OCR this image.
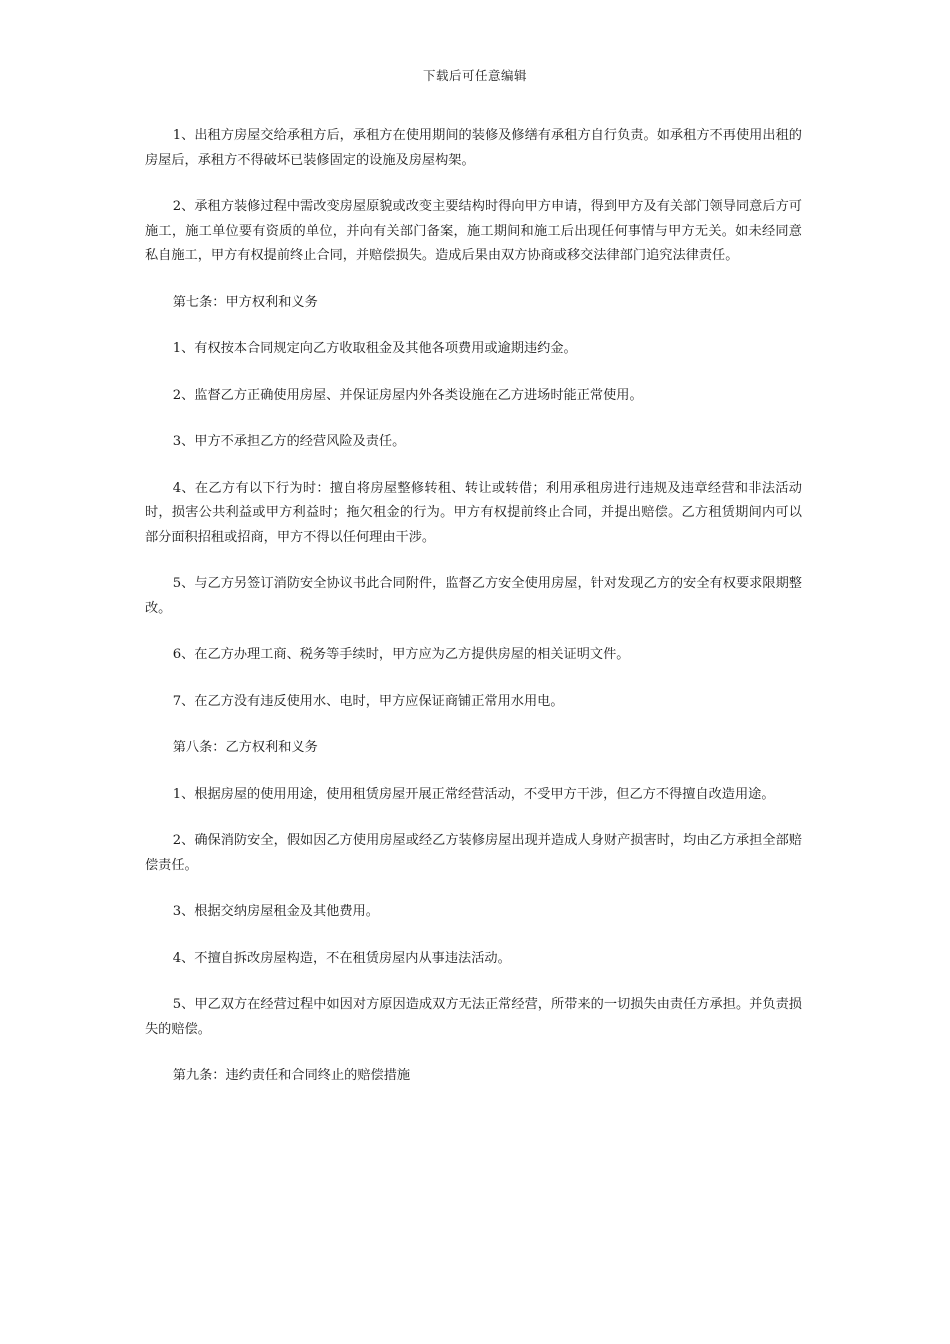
下载后可任意编辑

1、出租方房屋交给承租方后，承租方在使用期间的装修及修缮有承租方自行负责。如承租方不再使用出租的房屋后，承租方不得破坏已装修固定的设施及房屋构架。

2、承租方装修过程中需改变房屋原貌或改变主要结构时得向甲方申请，得到甲方及有关部门领导同意后方可施工，施工单位要有资质的单位，并向有关部门备案，施工期间和施工后出现任何事情与甲方无关。如未经同意私自施工，甲方有权提前终止合同，并赔偿损失。造成后果由双方协商或移交法律部门追究法律责任。

第七条：甲方权利和义务

1、有权按本合同规定向乙方收取租金及其他各项费用或逾期违约金。

2、监督乙方正确使用房屋、并保证房屋内外各类设施在乙方进场时能正常使用。

3、甲方不承担乙方的经营风险及责任。

4、在乙方有以下行为时：擅自将房屋整修转租、转让或转借；利用承租房进行违规及违章经营和非法活动时，损害公共利益或甲方利益时；拖欠租金的行为。甲方有权提前终止合同，并提出赔偿。乙方租赁期间内可以部分面积招租或招商，甲方不得以任何理由干涉。

5、与乙方另签订消防安全协议书此合同附件，监督乙方安全使用房屋，针对发现乙方的安全有权要求限期整改。

6、在乙方办理工商、税务等手续时，甲方应为乙方提供房屋的相关证明文件。

7、在乙方没有违反使用水、电时，甲方应保证商铺正常用水用电。

第八条：乙方权利和义务

1、根据房屋的使用用途，使用租赁房屋开展正常经营活动，不受甲方干涉，但乙方不得擅自改造用途。

2、确保消防安全，假如因乙方使用房屋或经乙方装修房屋出现并造成人身财产损害时，均由乙方承担全部赔偿责任。

3、根据交纳房屋租金及其他费用。

4、不擅自拆改房屋构造，不在租赁房屋内从事违法活动。

5、甲乙双方在经营过程中如因对方原因造成双方无法正常经营，所带来的一切损失由责任方承担。并负责损失的赔偿。

第九条：违约责任和合同终止的赔偿措施
